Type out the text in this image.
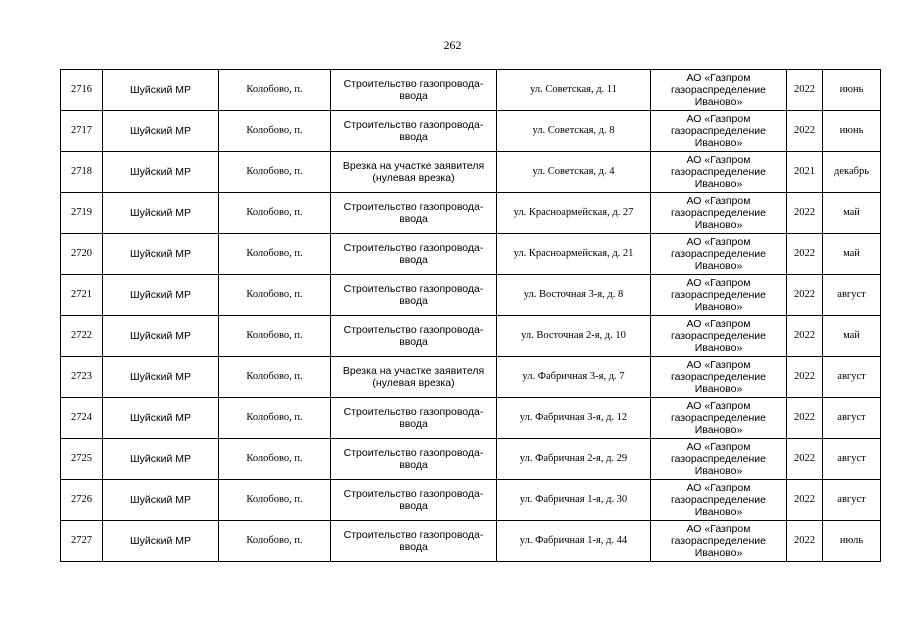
262
2716	Шуйский МР	Колобово, п.	Строительство газопровода-ввода	ул. Советская, д. 11	АО «Газпром газораспределение Иваново»	2022	июнь
2717	Шуйский МР	Колобово, п.	Строительство газопровода-ввода	ул. Советская, д. 8	АО «Газпром газораспределение Иваново»	2022	июнь
2718	Шуйский МР	Колобово, п.	Врезка на участке заявителя (нулевая врезка)	ул. Советская, д. 4	АО «Газпром газораспределение Иваново»	2021	декабрь
2719	Шуйский МР	Колобово, п.	Строительство газопровода-ввода	ул. Красноармейская, д. 27	АО «Газпром газораспределение Иваново»	2022	май
2720	Шуйский МР	Колобово, п.	Строительство газопровода-ввода	ул. Красноармейская, д. 21	АО «Газпром газораспределение Иваново»	2022	май
2721	Шуйский МР	Колобово, п.	Строительство газопровода-ввода	ул. Восточная 3-я, д. 8	АО «Газпром газораспределение Иваново»	2022	август
2722	Шуйский МР	Колобово, п.	Строительство газопровода-ввода	ул. Восточная 2-я, д. 10	АО «Газпром газораспределение Иваново»	2022	май
2723	Шуйский МР	Колобово, п.	Врезка на участке заявителя (нулевая врезка)	ул. Фабричная 3-я, д. 7	АО «Газпром газораспределение Иваново»	2022	август
2724	Шуйский МР	Колобово, п.	Строительство газопровода-ввода	ул. Фабричная 3-я, д. 12	АО «Газпром газораспределение Иваново»	2022	август
2725	Шуйский МР	Колобово, п.	Строительство газопровода-ввода	ул. Фабричная 2-я, д. 29	АО «Газпром газораспределение Иваново»	2022	август
2726	Шуйский МР	Колобово, п.	Строительство газопровода-ввода	ул. Фабричная 1-я, д. 30	АО «Газпром газораспределение Иваново»	2022	август
2727	Шуйский МР	Колобово, п.	Строительство газопровода-ввода	ул. Фабричная 1-я, д. 44	АО «Газпром газораспределение Иваново»	2022	июль
